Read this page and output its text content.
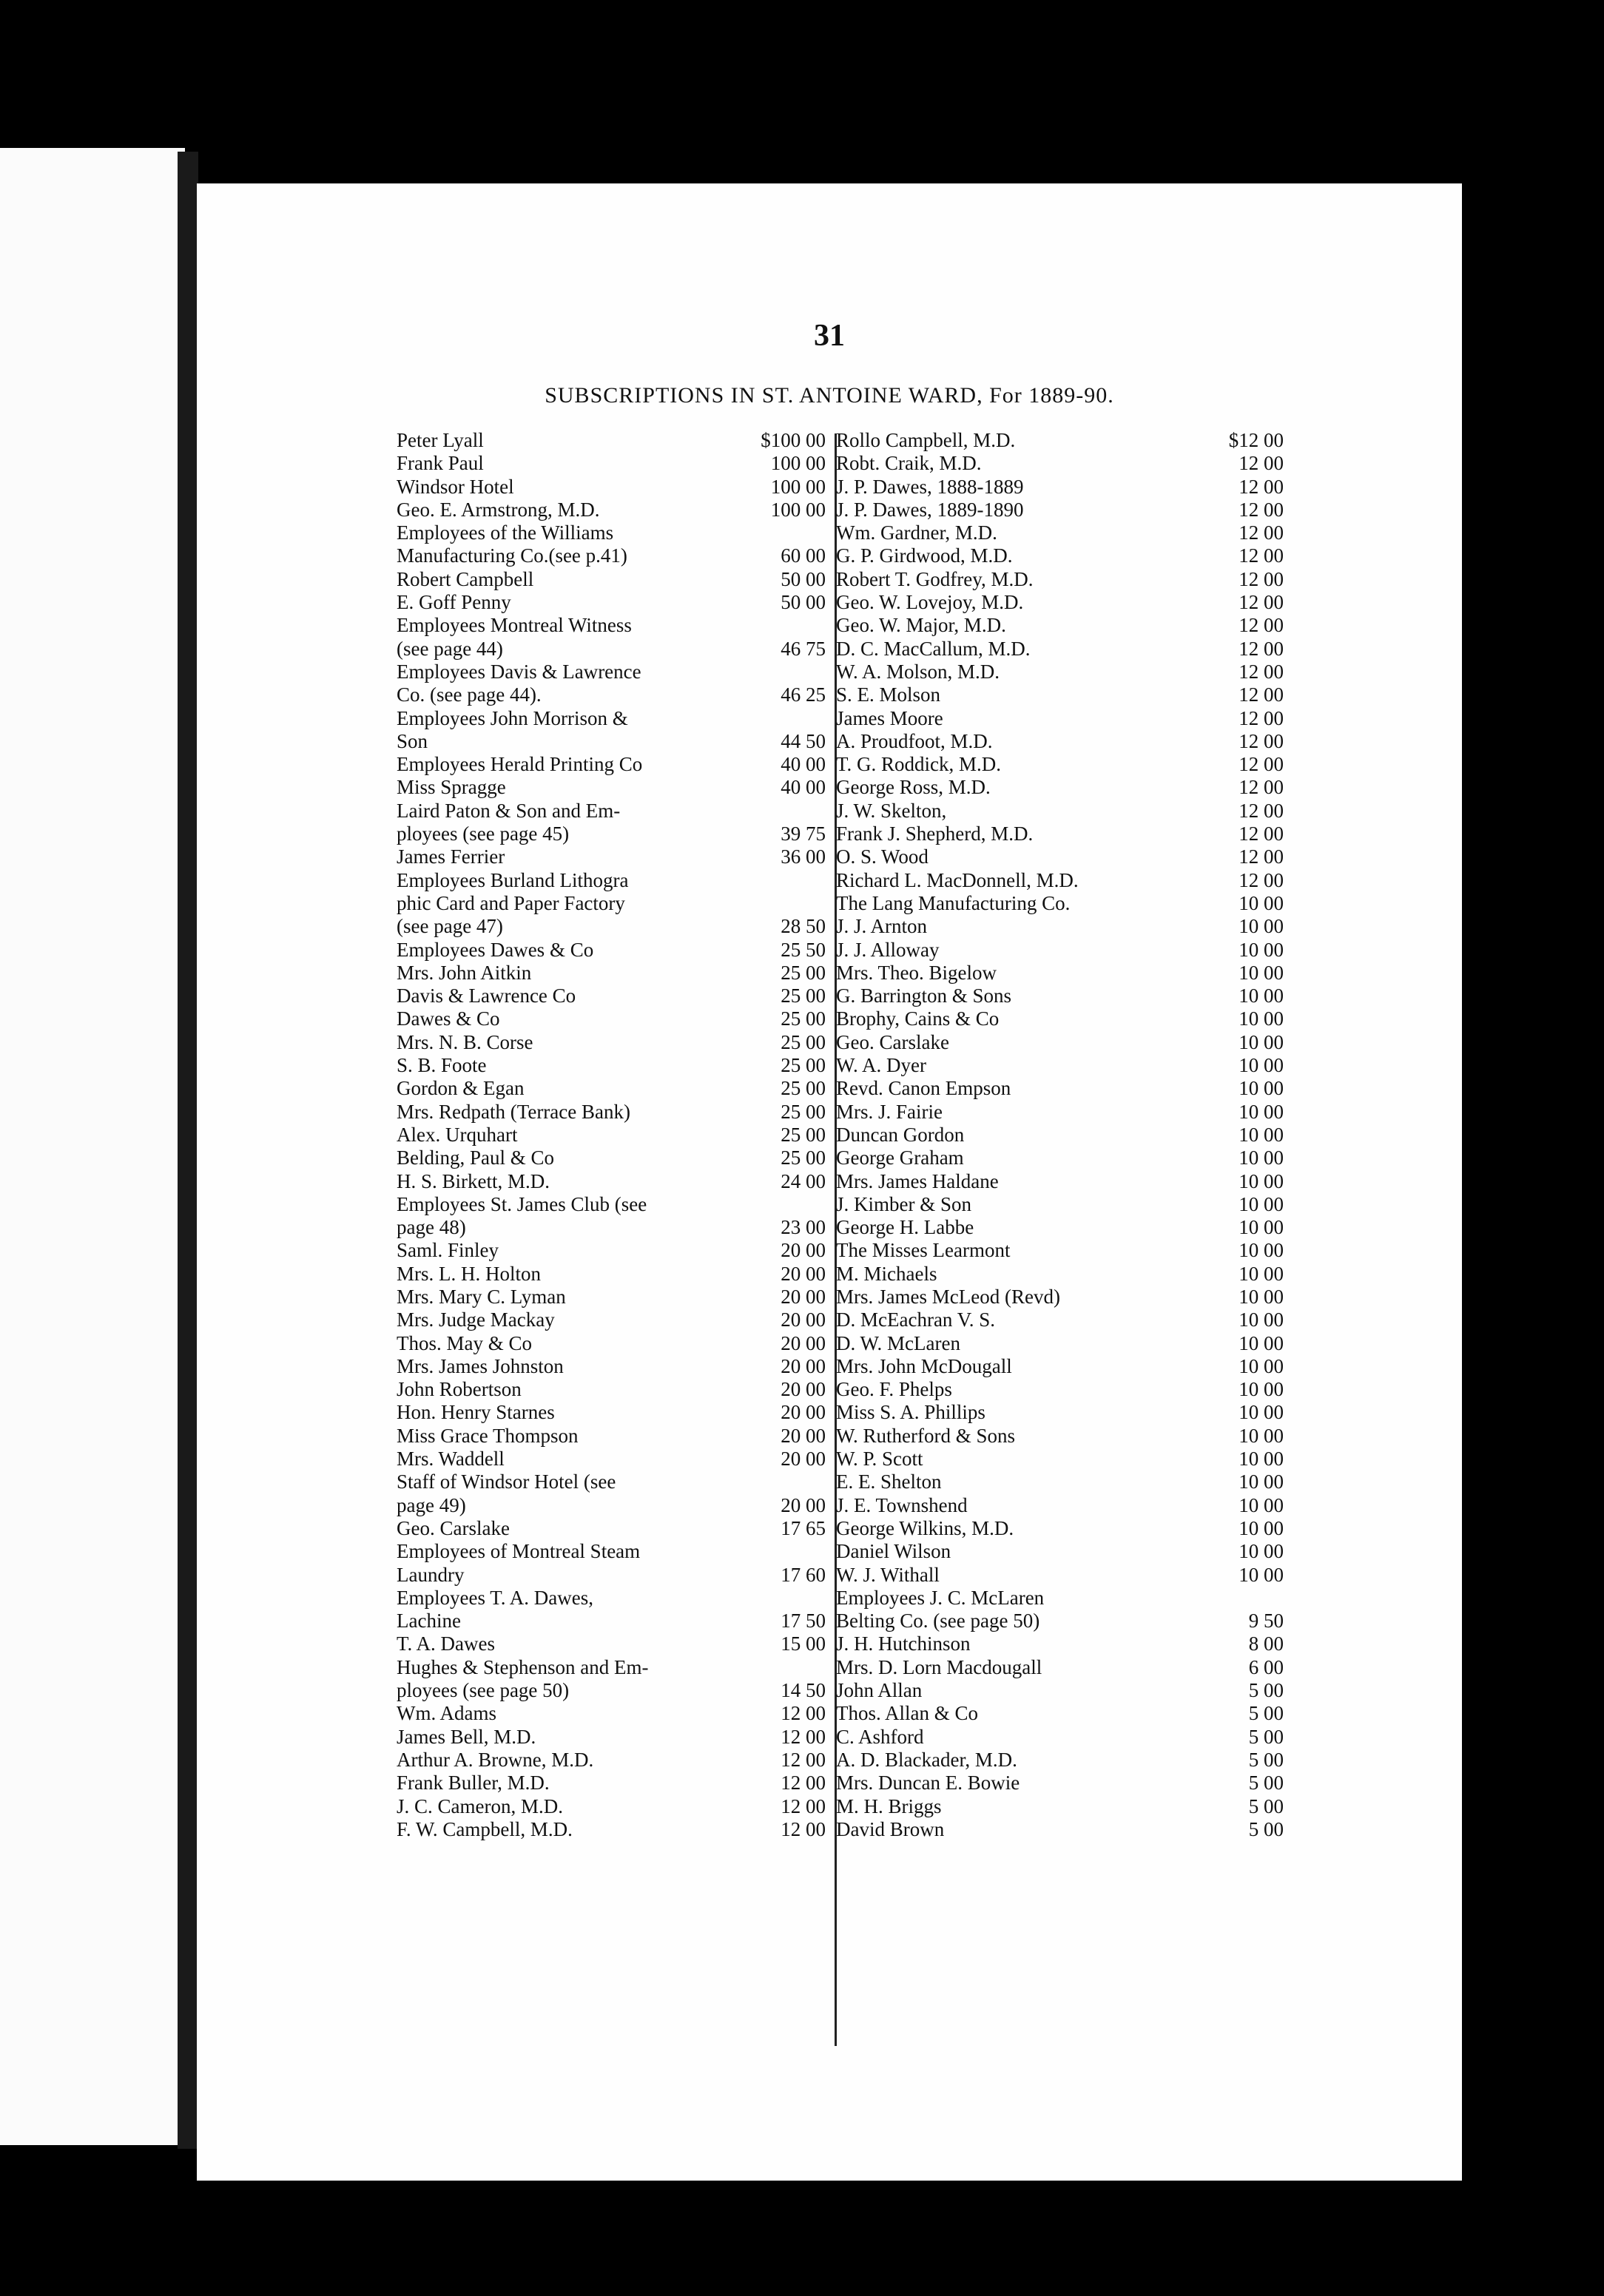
31
SUBSCRIPTIONS IN ST. ANTOINE WARD, For 1889-90.
Peter Lyall	$100 00
Frank Paul	100 00
Windsor Hotel	100 00
Geo. E. Armstrong, M.D.	100 00
Employees of the Williams
Manufacturing Co.(see p.41)	60 00
Robert Campbell	50 00
E. Goff Penny	50 00
Employees Montreal Witness
(see page 44)	46 75
Employees Davis & Lawrence
Co. (see page 44).	46 25
Employees John Morrison &
Son	44 50
Employees Herald Printing Co	40 00
Miss Spragge	40 00
Laird Paton & Son and Em-
ployees (see page 45)	39 75
James Ferrier	36 00
Employees Burland Lithogra
phic Card and Paper Factory
(see page 47)	28 50
Employees Dawes & Co	25 50
Mrs. John Aitkin	25 00
Davis & Lawrence Co	25 00
Dawes & Co	25 00
Mrs. N. B. Corse	25 00
S. B. Foote	25 00
Gordon & Egan	25 00
Mrs. Redpath (Terrace Bank)	25 00
Alex. Urquhart	25 00
Belding, Paul & Co	25 00
H. S. Birkett, M.D.	24 00
Employees St. James Club (see
page 48)	23 00
Saml. Finley	20 00
Mrs. L. H. Holton	20 00
Mrs. Mary C. Lyman	20 00
Mrs. Judge Mackay	20 00
Thos. May & Co	20 00
Mrs. James Johnston	20 00
John Robertson	20 00
Hon. Henry Starnes	20 00
Miss Grace Thompson	20 00
Mrs. Waddell	20 00
Staff of Windsor Hotel (see
page 49)	20 00
Geo. Carslake	17 65
Employees of Montreal Steam
Laundry	17 60
Employees T. A. Dawes,
Lachine	17 50
T. A. Dawes	15 00
Hughes & Stephenson and Em-
ployees (see page 50)	14 50
Wm. Adams	12 00
James Bell, M.D.	12 00
Arthur A. Browne, M.D.	12 00
Frank Buller, M.D.	12 00
J. C. Cameron, M.D.	12 00
F. W. Campbell, M.D.	12 00
Rollo Campbell, M.D.	$12 00
Robt. Craik, M.D.	12 00
J. P. Dawes, 1888-1889	12 00
J. P. Dawes, 1889-1890	12 00
Wm. Gardner, M.D.	12 00
G. P. Girdwood, M.D.	12 00
Robert T. Godfrey, M.D.	12 00
Geo. W. Lovejoy, M.D.	12 00
Geo. W. Major, M.D.	12 00
D. C. MacCallum, M.D.	12 00
W. A. Molson, M.D.	12 00
S. E. Molson	12 00
James Moore	12 00
A. Proudfoot, M.D.	12 00
T. G. Roddick, M.D.	12 00
George Ross, M.D.	12 00
J. W. Skelton,	12 00
Frank J. Shepherd, M.D.	12 00
O. S. Wood	12 00
Richard L. MacDonnell, M.D.	12 00
The Lang Manufacturing Co.	10 00
J. J. Arnton	10 00
J. J. Alloway	10 00
Mrs. Theo. Bigelow	10 00
G. Barrington & Sons	10 00
Brophy, Cains & Co	10 00
Geo. Carslake	10 00
W. A. Dyer	10 00
Revd. Canon Empson	10 00
Mrs. J. Fairie	10 00
Duncan Gordon	10 00
George Graham	10 00
Mrs. James Haldane	10 00
J. Kimber & Son	10 00
George H. Labbe	10 00
The Misses Learmont	10 00
M. Michaels	10 00
Mrs. James McLeod (Revd)	10 00
D. McEachran V. S.	10 00
D. W. McLaren	10 00
Mrs. John McDougall	10 00
Geo. F. Phelps	10 00
Miss S. A. Phillips	10 00
W. Rutherford & Sons	10 00
W. P. Scott	10 00
E. E. Shelton	10 00
J. E. Townshend	10 00
George Wilkins, M.D.	10 00
Daniel Wilson	10 00
W. J. Withall	10 00
Employees J. C. McLaren
Belting Co. (see page 50)	9 50
J. H. Hutchinson	8 00
Mrs. D. Lorn Macdougall	6 00
John Allan	5 00
Thos. Allan & Co	5 00
C. Ashford	5 00
A. D. Blackader, M.D.	5 00
Mrs. Duncan E. Bowie	5 00
M. H. Briggs	5 00
David Brown	5 00
